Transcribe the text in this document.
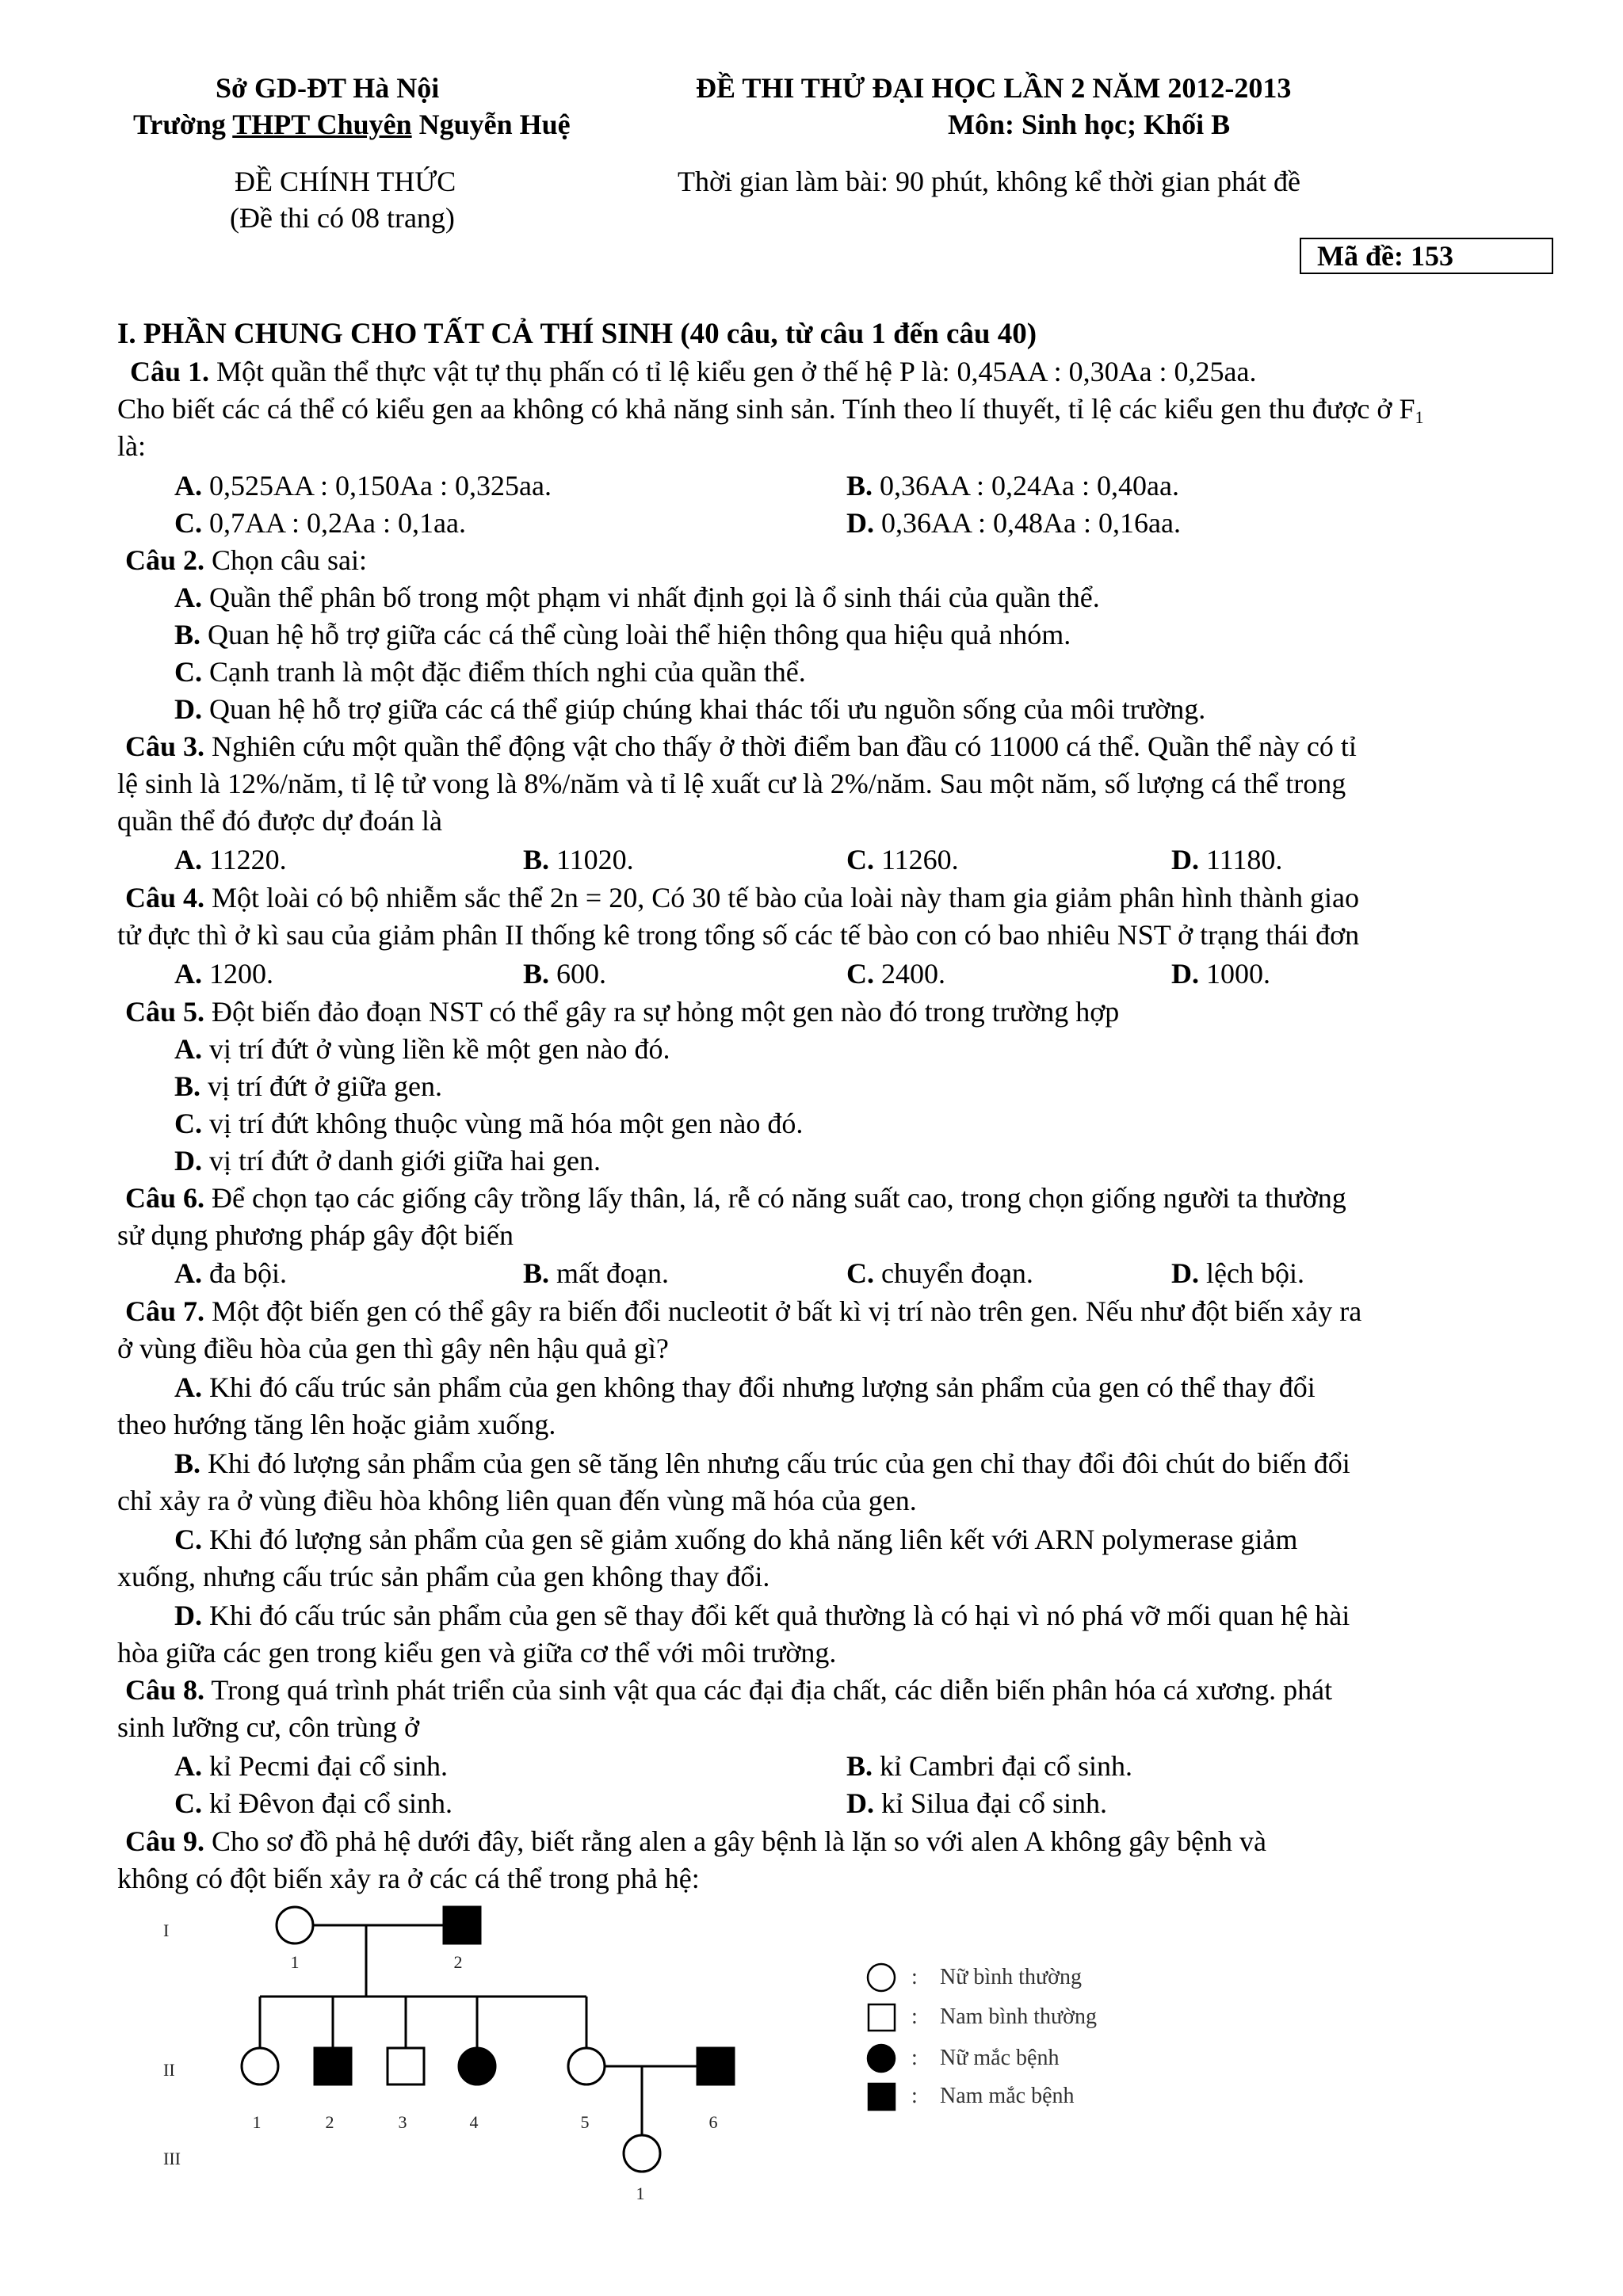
Sở GD-ĐT Hà Nội
Trường THPT Chuyên Nguyễn Huệ
ĐỀ THI THỬ ĐẠI HỌC LẦN 2 NĂM 2012-2013
Môn: Sinh học; Khối B
ĐỀ CHÍNH THỨC
(Đề thi có 08 trang)
Thời gian làm bài: 90 phút, không kể thời gian phát đề
Mã đề: 153
I. PHẦN CHUNG CHO TẤT CẢ THÍ SINH (40 câu, từ câu 1 đến câu 40)
Câu 1. Một quần thể thực vật tự thụ phấn có tỉ lệ kiểu gen ở thế hệ P là: 0,45AA : 0,30Aa : 0,25aa.
Cho biết các cá thể có kiểu gen aa không có khả năng sinh sản. Tính theo lí thuyết, tỉ lệ các kiểu gen thu được ở $F_1$
là:
A. 0,525AA : 0,150Aa : 0,325aa.	B. 0,36AA : 0,24Aa : 0,40aa.
C. 0,7AA : 0,2Aa : 0,1aa.	D. 0,36AA : 0,48Aa : 0,16aa.
Câu 2. Chọn câu sai:
A. Quần thể phân bố trong một phạm vi nhất định gọi là ổ sinh thái của quần thể.
B. Quan hệ hỗ trợ giữa các cá thể cùng loài thể hiện thông qua hiệu quả nhóm.
C. Cạnh tranh là một đặc điểm thích nghi của quần thể.
D. Quan hệ hỗ trợ giữa các cá thể giúp chúng khai thác tối ưu nguồn sống của môi trường.
Câu 3. Nghiên cứu một quần thể động vật cho thấy ở thời điểm ban đầu có 11000 cá thể. Quần thể này có tỉ
lệ sinh là 12%/năm, tỉ lệ tử vong là 8%/năm và tỉ lệ xuất cư là 2%/năm. Sau một năm, số lượng cá thể trong
quần thể đó được dự đoán là
A. 11220.	B. 11020.	C. 11260.	D. 11180.
Câu 4. Một loài có bộ nhiễm sắc thể 2n = 20, Có 30 tế bào của loài này tham gia giảm phân hình thành giao
tử đực thì ở kì sau của giảm phân II thống kê trong tổng số các tế bào con có bao nhiêu NST ở trạng thái đơn
A. 1200.	B. 600.	C. 2400.	D. 1000.
Câu 5. Đột biến đảo đoạn NST có thể gây ra sự hỏng một gen nào đó trong trường hợp
A. vị trí đứt ở vùng liền kề một gen nào đó.
B. vị trí đứt ở giữa gen.
C. vị trí đứt không thuộc vùng mã hóa một gen nào đó.
D. vị trí đứt ở danh giới giữa hai gen.
Câu 6. Để chọn tạo các giống cây trồng lấy thân, lá, rễ có năng suất cao, trong chọn giống người ta thường
sử dụng phương pháp gây đột biến
A. đa bội.	B. mất đoạn.	C. chuyển đoạn.	D. lệch bội.
Câu 7. Một đột biến gen có thể gây ra biến đổi nucleotit ở bất kì vị trí nào trên gen. Nếu như đột biến xảy ra
ở vùng điều hòa của gen thì gây nên hậu quả gì?
A. Khi đó cấu trúc sản phẩm của gen không thay đổi nhưng lượng sản phẩm của gen có thể thay đổi
theo hướng tăng lên hoặc giảm xuống.
B. Khi đó lượng sản phẩm của gen sẽ tăng lên nhưng cấu trúc của gen chỉ thay đổi đôi chút do biến đổi
chỉ xảy ra ở vùng điều hòa không liên quan đến vùng mã hóa của gen.
C. Khi đó lượng sản phẩm của gen sẽ giảm xuống do khả năng liên kết với ARN polymerase giảm
xuống, nhưng cấu trúc sản phẩm của gen không thay đổi.
D. Khi đó cấu trúc sản phẩm của gen sẽ thay đổi kết quả thường là có hại vì nó phá vỡ mối quan hệ hài
hòa giữa các gen trong kiểu gen và giữa cơ thể với môi trường.
Câu 8. Trong quá trình phát triển của sinh vật qua các đại địa chất, các diễn biến phân hóa cá xương. phát
sinh lưỡng cư, côn trùng ở
A. kỉ Pecmi đại cổ sinh.	B. kỉ Cambri đại cổ sinh.
C. kỉ Đêvon đại cổ sinh.	D. kỉ Silua đại cổ sinh.
Câu 9. Cho sơ đồ phả hệ dưới đây, biết rằng alen a gây bệnh là lặn so với alen A không gây bệnh và
không có đột biến xảy ra ở các cá thể trong phả hệ:
I
II
III
1	2
1	2	3	4	5	6
1
:
:
:
:
Nữ bình thường
Nam bình thường
Nữ mắc bệnh
Nam mắc bệnh
